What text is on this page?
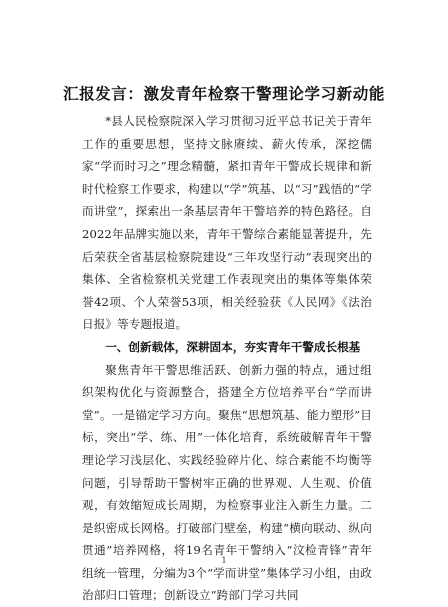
汇报发言：激发青年检察干警理论学习新动能

*县人民检察院深入学习贯彻习近平总书记关于青年工作的重要思想，坚持文脉赓续、薪火传承，深挖儒家“学而时习之”理念精髓，紧扣青年干警成长规律和新时代检察工作要求，构建以“学”筑基、以“习”践悟的“学而讲堂”，探索出一条基层青年干警培养的特色路径。自2022年品牌实施以来，青年干警综合素能显著提升，先后荣获全省基层检察院建设“三年攻坚行动”表现突出的集体、全省检察机关党建工作表现突出的集体等集体荣誉42项、个人荣誉53项，相关经验获《人民网》《法治日报》等专题报道。

一、创新载体，深耕固本，夯实青年干警成长根基

聚焦青年干警思维活跃、创新力强的特点，通过组织架构优化与资源整合，搭建全方位培养平台“学而讲堂”。一是锚定学习方向。聚焦“思想筑基、能力塑形”目标，突出“学、练、用”一体化培育，系统破解青年干警理论学习浅层化、实践经验碎片化、综合素能不均衡等问题，引导帮助干警树牢正确的世界观、人生观、价值观，有效缩短成长周期，为检察事业注入新生力量。二是织密成长网格。打破部门壁垒，构建“横向联动、纵向贯通”培养网格，将19名青年干警纳入“汶检青锋”青年组统一管理，分编为3个“学而讲堂”集体学习小组，由政治部归口管理；创新设立“跨部门学习共同

1
